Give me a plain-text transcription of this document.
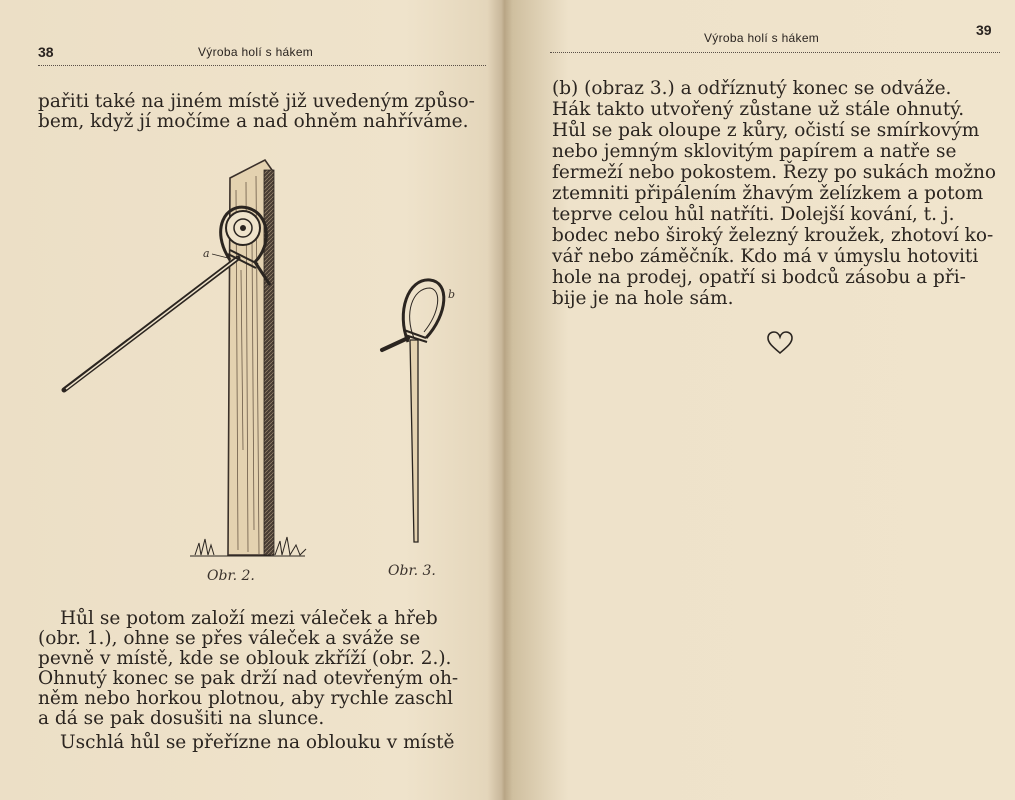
38	Výroba holí s hákem
pařiti také na jiném místě již uvedeným způso-
bem, když jí močíme a nad ohněm nahříváme.
a
Obr. 2.
b
Obr. 3.
Hůl se potom založí mezi váleček a hřeb
(obr. 1.), ohne se přes váleček a sváže se
pevně v místě, kde se oblouk zkříží (obr. 2.).
Ohnutý konec se pak drží nad otevřeným oh-
něm nebo horkou plotnou, aby rychle zaschl
a dá se pak dosušiti na slunce.
Uschlá hůl se přeřízne na oblouku v místě
Výroba holí s hákem	39
(b) (obraz 3.) a odříznutý konec se odváže.
Hák takto utvořený zůstane už stále ohnutý.
Hůl se pak oloupe z kůry, očistí se smírkovým
nebo jemným sklovitým papírem a natře se
fermeží nebo pokostem. Řezy po sukách možno
ztemniti připálením žhavým želízkem a potom
teprve celou hůl natříti. Dolejší kování, t. j.
bodec nebo široký železný kroužek, zhotoví ko-
vář nebo záměčník. Kdo má v úmyslu hotoviti
hole na prodej, opatří si bodců zásobu a při-
bije je na hole sám.
